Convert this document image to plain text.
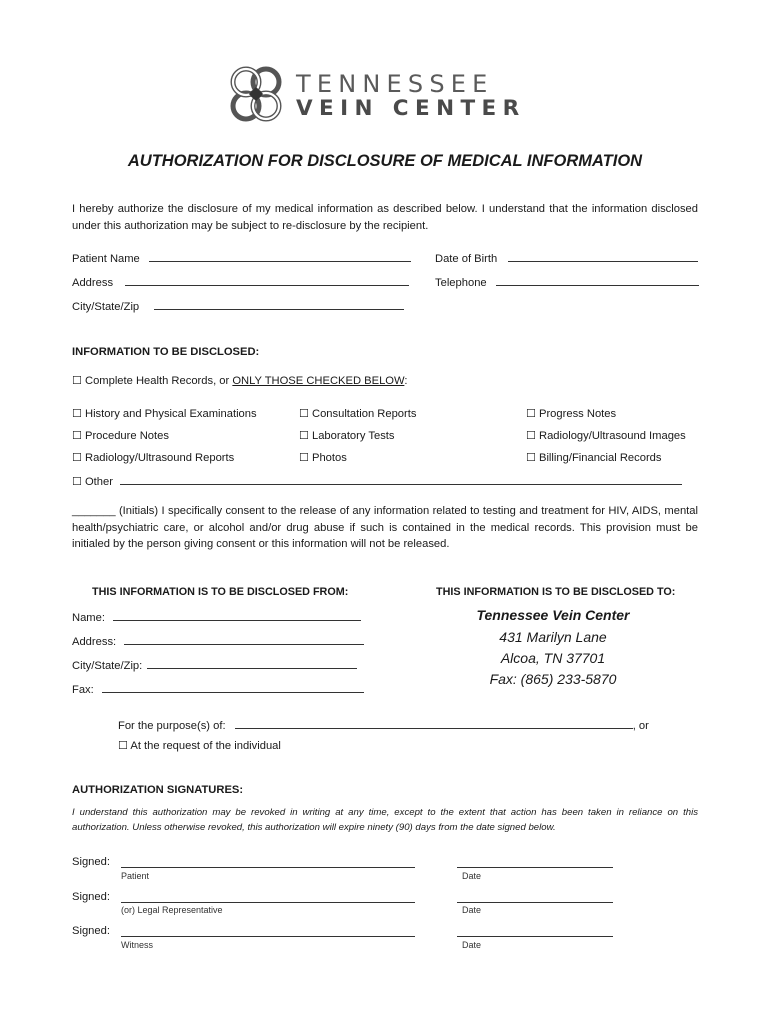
TENNESSEE
VEIN CENTER
AUTHORIZATION FOR DISCLOSURE OF MEDICAL INFORMATION
I hereby authorize the disclosure of my medical information as described below. I understand that the information disclosed under this authorization may be subject to re-disclosure by the recipient.
Patient Name	Date of Birth
Address	Telephone
City/State/Zip
INFORMATION TO BE DISCLOSED:
☐ Complete Health Records, or ONLY THOSE CHECKED BELOW:
☐ History and Physical Examinations	☐ Consultation Reports	☐ Progress Notes
☐ Procedure Notes	☐ Laboratory Tests	☐ Radiology/Ultrasound Images
☐ Radiology/Ultrasound Reports	☐ Photos	☐ Billing/Financial Records
☐ Other
_______ (Initials) I specifically consent to the release of any information related to testing and treatment for HIV, AIDS, mental health/psychiatric care, or alcohol and/or drug abuse if such is contained in the medical records. This provision must be initialed by the person giving consent or this information will not be released.
THIS INFORMATION IS TO BE DISCLOSED FROM:	THIS INFORMATION IS TO BE DISCLOSED TO:
Name:
Address:
City/State/Zip:
Fax:
Tennessee Vein Center
431 Marilyn Lane
Alcoa, TN 37701
Fax: (865) 233-5870
For the purpose(s) of:	, or
☐ At the request of the individual
AUTHORIZATION SIGNATURES:
I understand this authorization may be revoked in writing at any time, except to the extent that action has been taken in reliance on this authorization. Unless otherwise revoked, this authorization will expire ninety (90) days from the date signed below.
Signed:
Patient	Date
Signed:
(or) Legal Representative	Date
Signed:
Witness	Date
